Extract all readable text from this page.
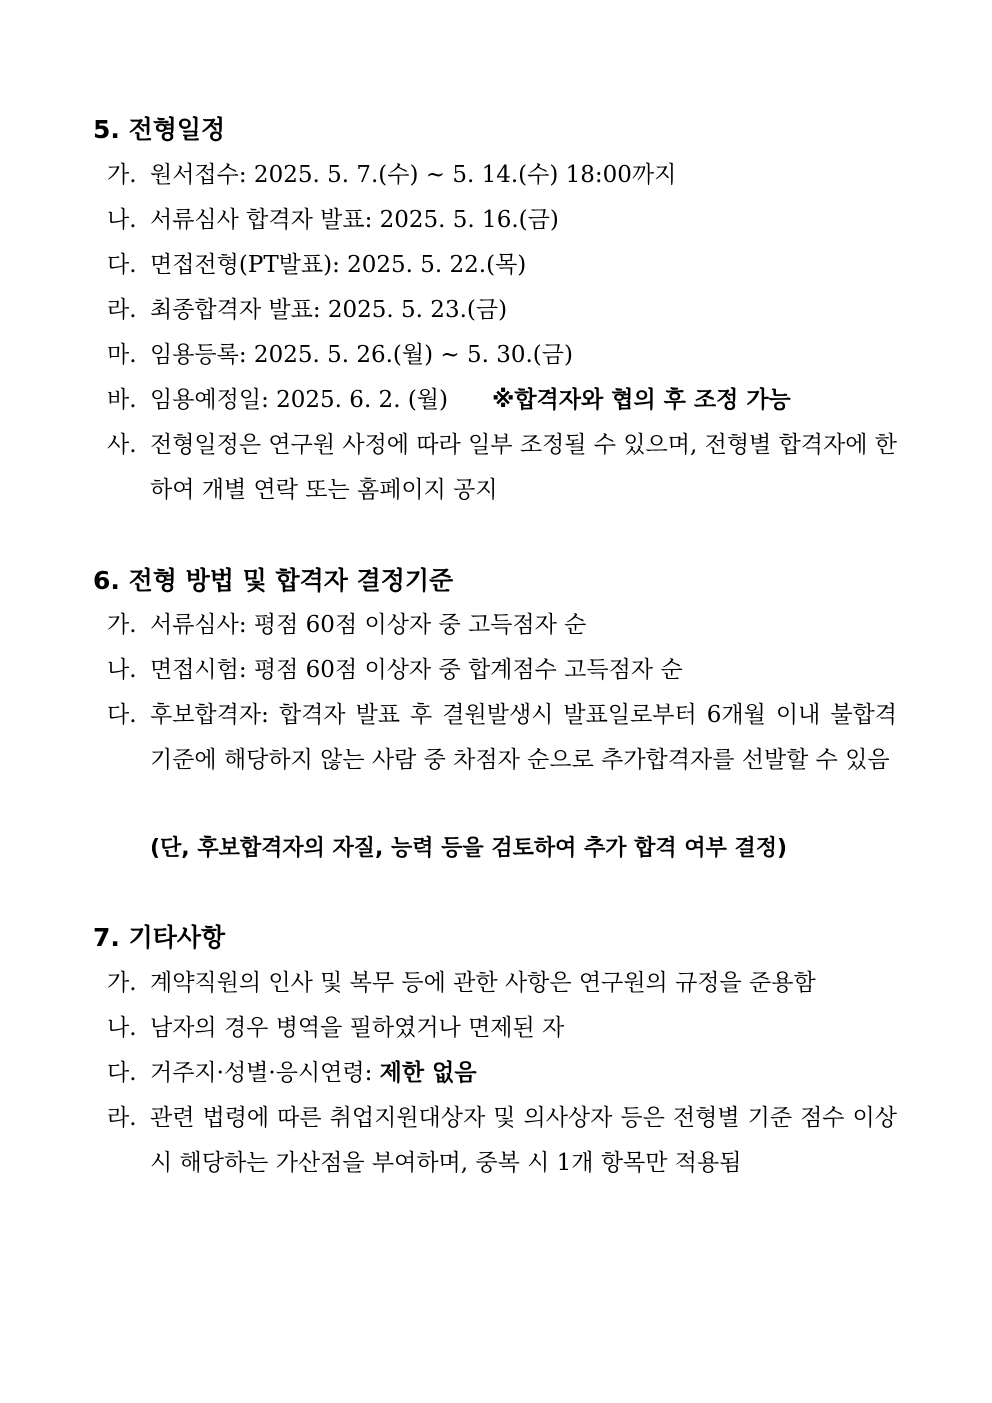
5. 전형일정
가. 원서접수: 2025. 5. 7.(수) ~ 5. 14.(수) 18:00까지
나. 서류심사 합격자 발표: 2025. 5. 16.(금)
다. 면접전형(PT발표): 2025. 5. 22.(목)
라. 최종합격자 발표: 2025. 5. 23.(금)
마. 임용등록: 2025. 5. 26.(월) ~ 5. 30.(금)
바. 임용예정일: 2025. 6. 2. (월) ※합격자와 협의 후 조정 가능
사. 전형일정은 연구원 사정에 따라 일부 조정될 수 있으며, 전형별 합격자에 한하여 개별 연락 또는 홈페이지 공지
6. 전형 방법 및 합격자 결정기준
가. 서류심사: 평점 60점 이상자 중 고득점자 순
나. 면접시험: 평점 60점 이상자 중 합계점수 고득점자 순
다. 후보합격자: 합격자 발표 후 결원발생시 발표일로부터 6개월 이내 불합격 기준에 해당하지 않는 사람 중 차점자 순으로 추가합격자를 선발할 수 있음
(단, 후보합격자의 자질, 능력 등을 검토하여 추가 합격 여부 결정)
7. 기타사항
가. 계약직원의 인사 및 복무 등에 관한 사항은 연구원의 규정을 준용함
나. 남자의 경우 병역을 필하였거나 면제된 자
다. 거주지·성별·응시연령: 제한 없음
라. 관련 법령에 따른 취업지원대상자 및 의사상자 등은 전형별 기준 점수 이상 시 해당하는 가산점을 부여하며, 중복 시 1개 항목만 적용됨
